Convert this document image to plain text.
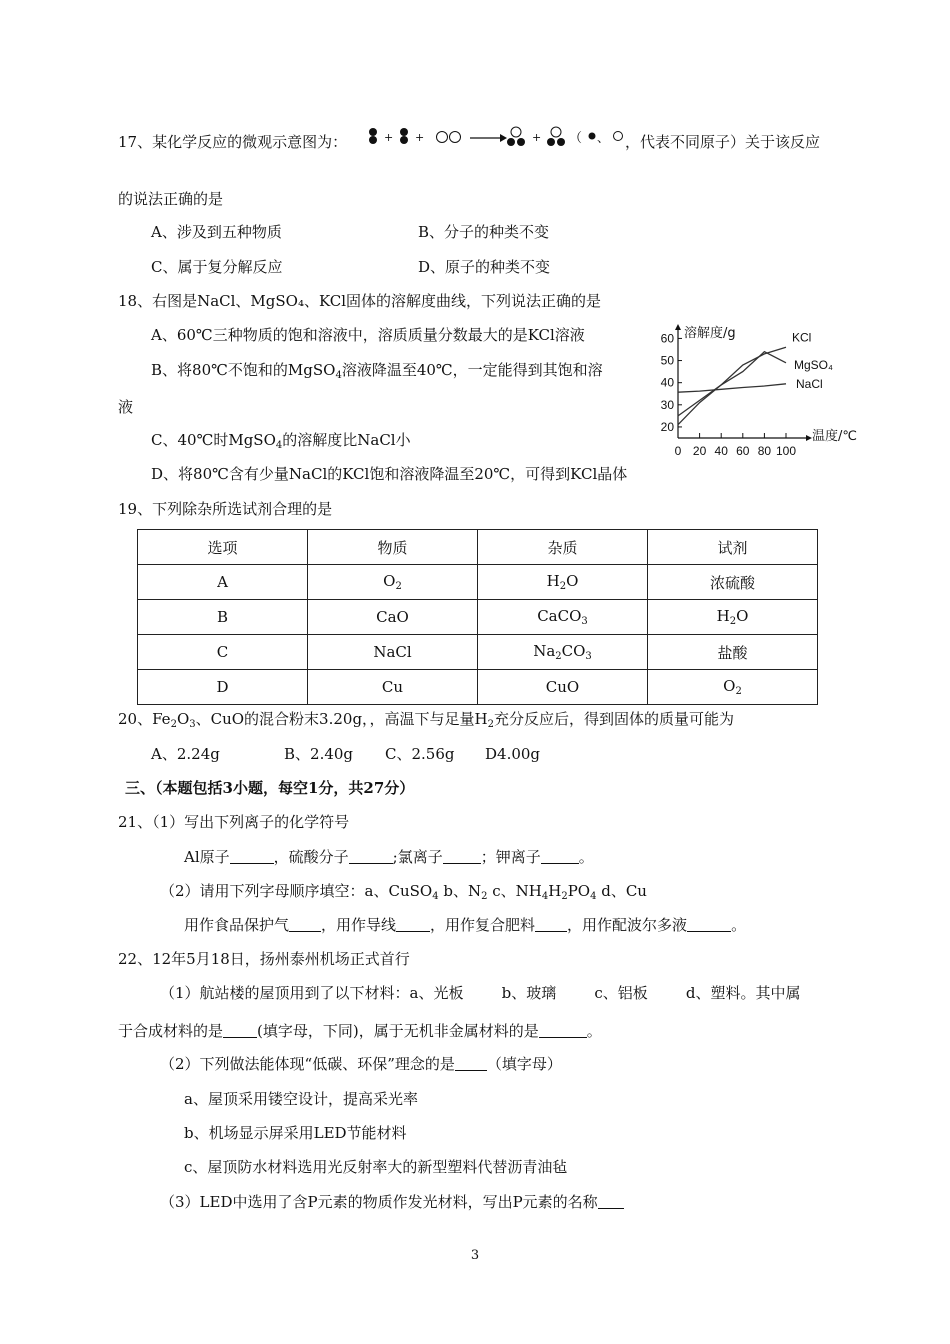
17、某化学反应的微观示意图为：	+ +	+ （ 、 ，代表不同原子）关于该反应
的说法正确的是
A、涉及到五种物质	B、分子的种类不变
C、属于复分解反应	D、原子的种类不变
18、右图是NaCl、MgSO₄、KCl固体的溶解度曲线，下列说法正确的是
A、60℃三种物质的饱和溶液中，溶质质量分数最大的是KCl溶液
B、将80℃不饱和的MgSO$_4$溶液降温至40℃，一定能得到其饱和溶
液
C、40℃时MgSO$_4$的溶解度比NaCl小
D、将80℃含有少量NaCl的KCl饱和溶液降温至20℃，可得到KCl晶体
0 20 40 60 80 100
60
50
40
30
20
溶解度/g
温度/℃
KCl
MgSO₄
NaCl
19、下列除杂所选试剂合理的是
选项	物质	杂质	试剂
A	$O_2$	$H_2O$	浓硫酸
B	CaO	CaCO$_3$	$H_2O$
C	NaCl	$Na_2CO_3$	盐酸
D	Cu	CuO	$O_2$
20、$Fe_2O_3$、CuO的混合粉末3.20g，，高温下与足量$H_2$充分反应后，得到固体的质量可能为
A、2.24g	B、2.40g C、2.56g D4.00g
三、（本题包括3小题，每空1分，共27分）
21、（1）写出下列离子的化学符号
Al原子	，硫酸分子	;氯离子	；钾离子	。
（2）请用下列字母顺序填空：a、CuSO$_4$ b、$N_2$ c、$NH_4H_2PO_4$ d、Cu
用作食品保护气 ，用作导线 ，用作复合肥料 ，用作配波尔多液	。
22、12年5月18日，扬州泰州机场正式首行
（1）航站楼的屋顶用到了以下材料：a、光板        b、玻璃        c、铝板        d、塑料。其中属
于合成材料的是 (填字母，下同)，属于无机非金属材料的是	。
（2）下列做法能体现“低碳、环保”理念的是 （填字母）
a、屋顶采用镂空设计，提高采光率
b、机场显示屏采用LED节能材料
c、屋顶防水材料选用光反射率大的新型塑料代替沥青油毡
（3）LED中选用了含P元素的物质作发光材料，写出P元素的名称
3
